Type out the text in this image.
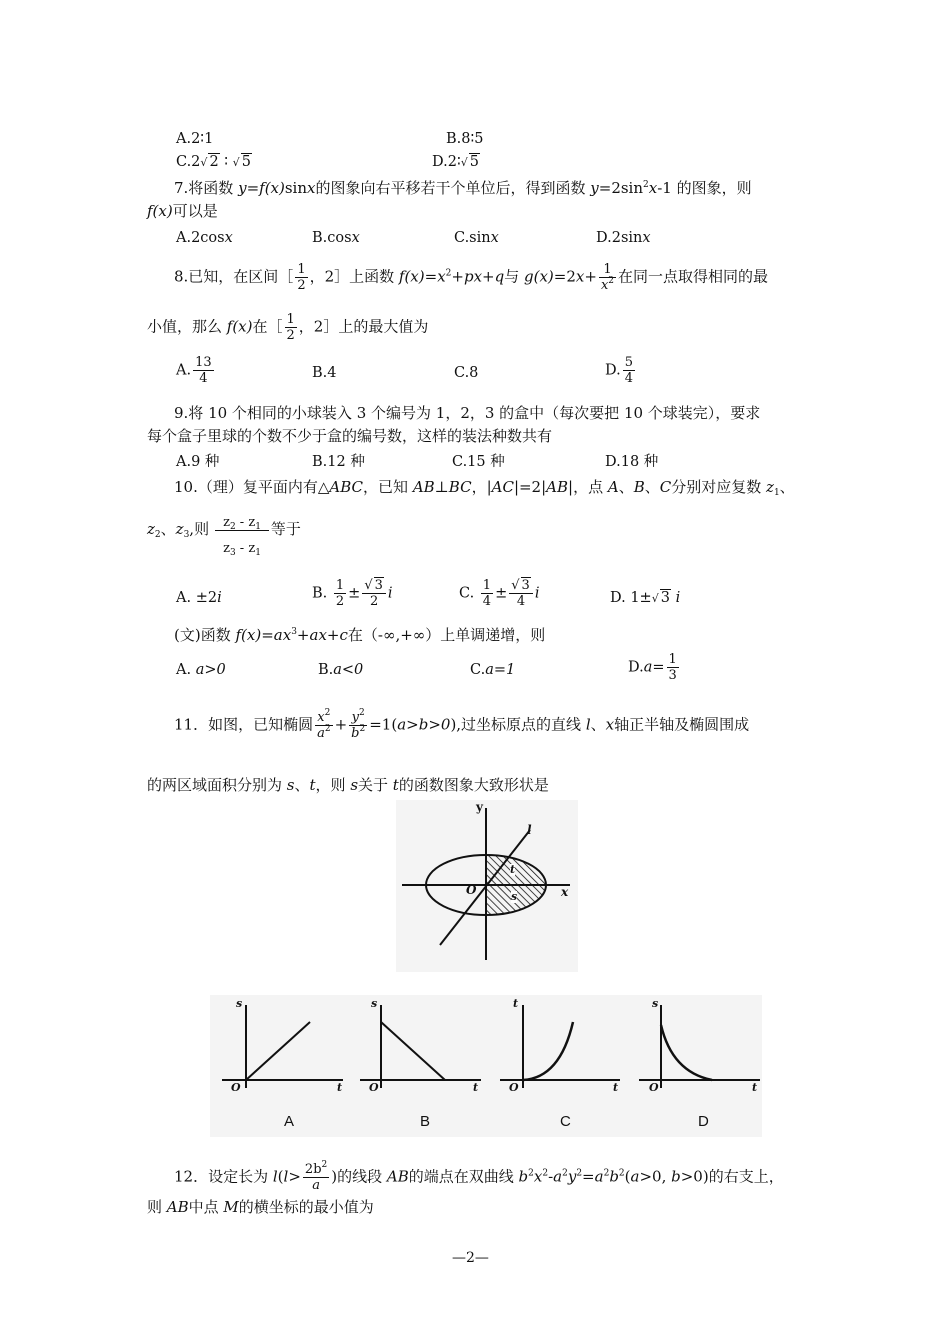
A.2∶1	B.8∶5
C.2√ 2 ∶ √ 5	D.2∶√ 5
7.将函数 y=f(x)sinx的图象向右平移若干个单位后，得到函数 $y=2\sin^2x-1$ 的图象，则
f(x)可以是
A.2cosx	B.cosx	C.sinx	D.2sinx
8.已知，在区间［ $\frac{1}{2}$ ，2］上函数 $f(x)=x^2+px+q$与 $g(x)=2x+ \frac{1}{x^2}$ 在同一点取得相同的最
小值，那么 f(x)在［ $\frac{1}{2}$ ，2］上的最大值为
A. $\frac{13}{4}$	B.4	C.8	D. $\frac{5}{4}$
9.将 10 个相同的小球装入 3 个编号为 1，2，3 的盒中（每次要把 10 个球装完），要求
每个盒子里球的个数不少于盒的编号数，这样的装法种数共有
A.9 种	B.12 种	C.15 种	D.18 种
10.（理）复平面内有△ABC，已知 AB⊥BC，|AC|=2|AB|，点 A、B、C分别对应复数 $z_1$、
$z_2$、$z_3$,则 $\frac{z_2 - z_1}{z_3 - z_1}$ 等于
A. ±2i	B. $\frac{1}{2} \pm \frac{√ 3}{2}$ i	C. $\frac{1}{4} \pm \frac{√ 3}{4}$ i	D. 1±√ 3 i
(文)函数 $f(x)=ax^3+ax+c$在（-∞,+∞）上单调递增，则
A. a>0	B.a<0	C.a=1	$D.a= \frac{1}{3}$
11．如图，已知椭圆 $\frac{x^2}{a^2} + \frac{y^2}{b^2} =1(a>b>0)$,过坐标原点的直线 l、x轴正半轴及椭圆围成
的两区域面积分别为 s、t，则 s关于 t的函数图象大致形状是
y
x
O
l
t
s
s
O	t
A
s
O	t
B
t
O	t
C
s
O	t
D
12．设定长为 $l(l> \frac{2b^2}{a}$ )的线段 AB的端点在双曲线 $b^2x^2-a^2y^2=a^2b^2(a>0$, b>0)的右支上，
则 AB中点 M的横坐标的最小值为
—2—
